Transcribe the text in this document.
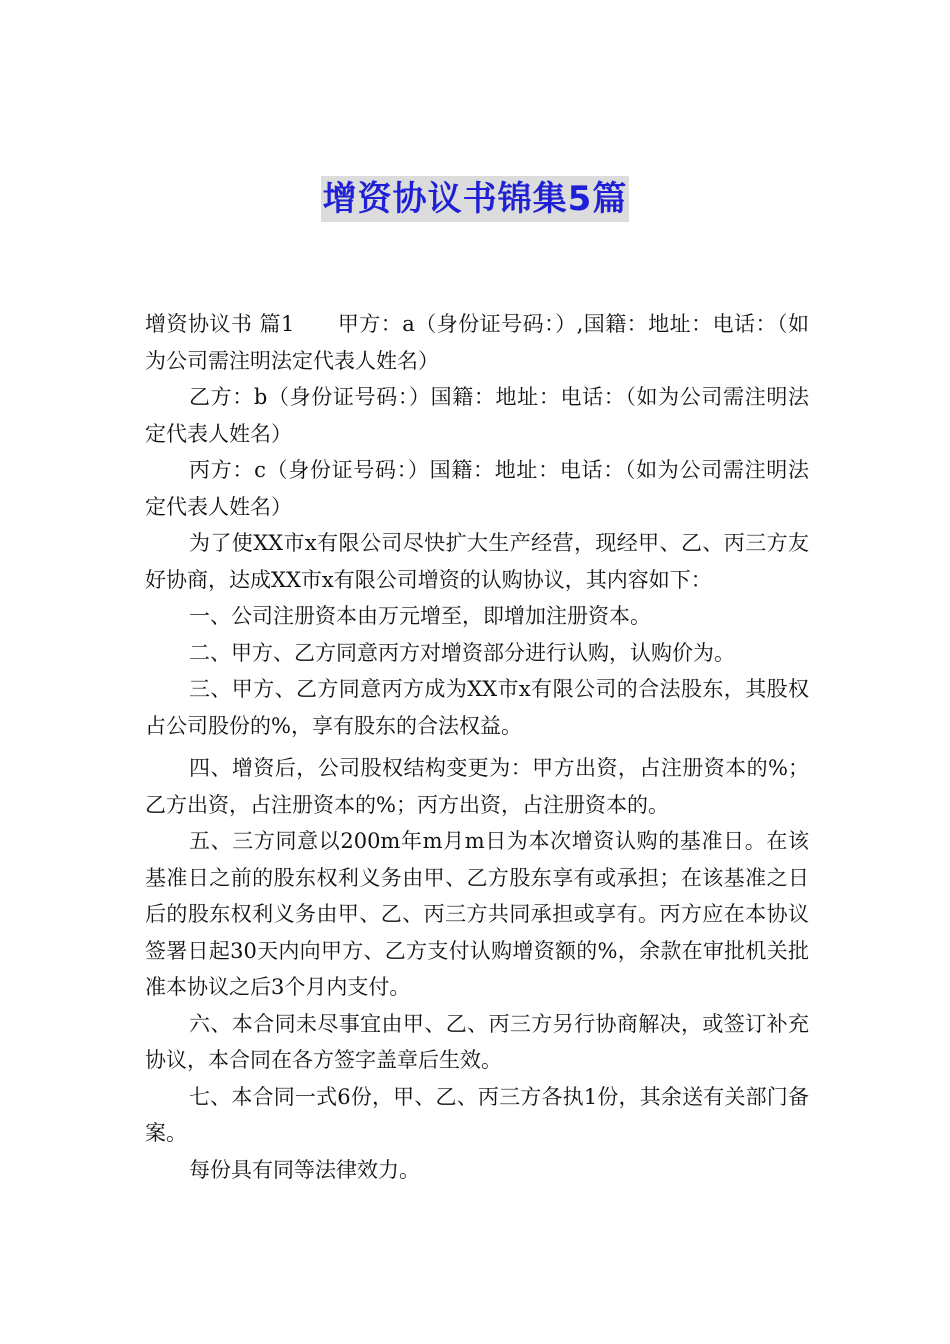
增资协议书锦集5篇

增资协议书 篇1　　甲方：a（身份证号码：）,国籍：地址：电话：（如为公司需注明法定代表人姓名）

乙方：b（身份证号码：）国籍：地址：电话：（如为公司需注明法定代表人姓名）

丙方：c（身份证号码：）国籍：地址：电话：（如为公司需注明法定代表人姓名）

为了使XX市x有限公司尽快扩大生产经营，现经甲、乙、丙三方友好协商，达成XX市x有限公司增资的认购协议，其内容如下：

一、公司注册资本由万元增至，即增加注册资本。

二、甲方、乙方同意丙方对增资部分进行认购，认购价为。

三、甲方、乙方同意丙方成为XX市x有限公司的合法股东，其股权占公司股份的%，享有股东的合法权益。

四、增资后，公司股权结构变更为：甲方出资，占注册资本的%；乙方出资，占注册资本的%；丙方出资，占注册资本的。

五、三方同意以200m年m月m日为本次增资认购的基准日。在该基准日之前的股东权利义务由甲、乙方股东享有或承担；在该基准之日后的股东权利义务由甲、乙、丙三方共同承担或享有。丙方应在本协议签署日起30天内向甲方、乙方支付认购增资额的%，余款在审批机关批准本协议之后3个月内支付。

六、本合同未尽事宜由甲、乙、丙三方另行协商解决，或签订补充协议，本合同在各方签字盖章后生效。

七、本合同一式6份，甲、乙、丙三方各执1份，其余送有关部门备案。

每份具有同等法律效力。
